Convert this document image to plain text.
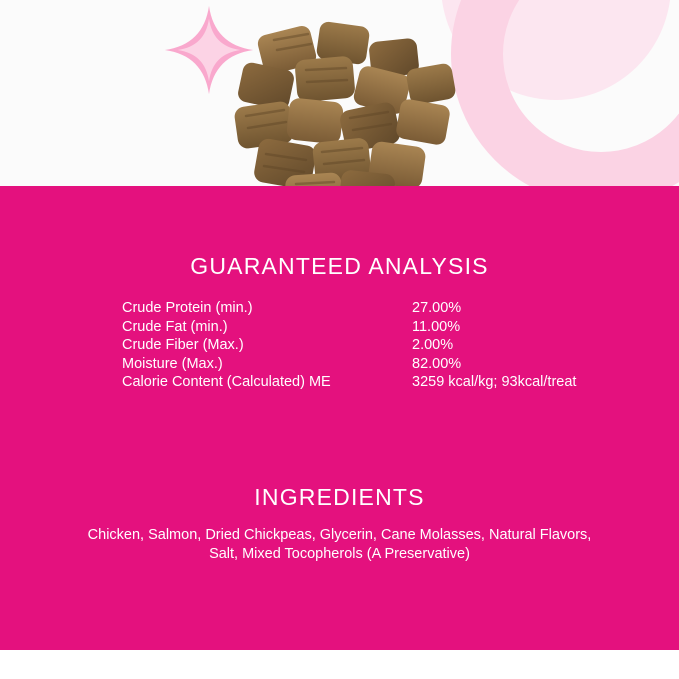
GUARANTEED ANALYSIS
Crude Protein (min.)	27.00%
Crude Fat (min.)	11.00%
Crude Fiber (Max.)	2.00%
Moisture (Max.)	82.00%
Calorie Content (Calculated) ME	3259 kcal/kg; 93kcal/treat
INGREDIENTS
Chicken, Salmon, Dried Chickpeas, Glycerin, Cane Molasses, Natural Flavors,
Salt, Mixed Tocopherols (A Preservative)
